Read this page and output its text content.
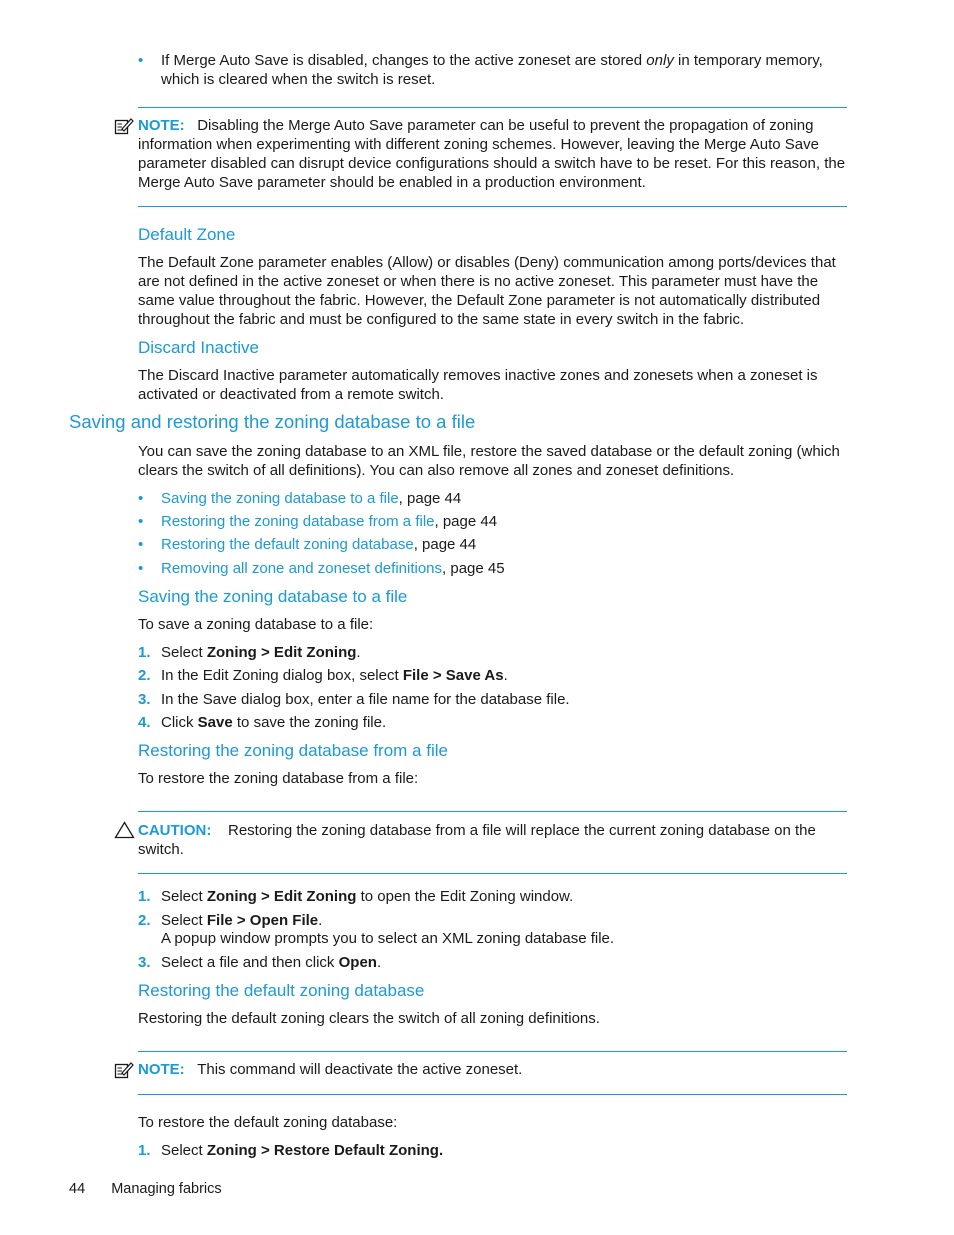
• If Merge Auto Save is disabled, changes to the active zoneset are stored only in temporary memory, which is cleared when the switch is reset.
NOTE: Disabling the Merge Auto Save parameter can be useful to prevent the propagation of zoning information when experimenting with different zoning schemes. However, leaving the Merge Auto Save parameter disabled can disrupt device configurations should a switch have to be reset. For this reason, the Merge Auto Save parameter should be enabled in a production environment.
Default Zone
The Default Zone parameter enables (Allow) or disables (Deny) communication among ports/devices that are not defined in the active zoneset or when there is no active zoneset. This parameter must have the same value throughout the fabric. However, the Default Zone parameter is not automatically distributed throughout the fabric and must be configured to the same state in every switch in the fabric.
Discard Inactive
The Discard Inactive parameter automatically removes inactive zones and zonesets when a zoneset is activated or deactivated from a remote switch.
Saving and restoring the zoning database to a file
You can save the zoning database to an XML file, restore the saved database or the default zoning (which clears the switch of all definitions). You can also remove all zones and zoneset definitions.
• Saving the zoning database to a file, page 44
• Restoring the zoning database from a file, page 44
• Restoring the default zoning database, page 44
• Removing all zone and zoneset definitions, page 45
Saving the zoning database to a file
To save a zoning database to a file:
1. Select Zoning > Edit Zoning.
2. In the Edit Zoning dialog box, select File > Save As.
3. In the Save dialog box, enter a file name for the database file.
4. Click Save to save the zoning file.
Restoring the zoning database from a file
To restore the zoning database from a file:
CAUTION: Restoring the zoning database from a file will replace the current zoning database on the switch.
1. Select Zoning > Edit Zoning to open the Edit Zoning window.
2. Select File > Open File.
A popup window prompts you to select an XML zoning database file.
3. Select a file and then click Open.
Restoring the default zoning database
Restoring the default zoning clears the switch of all zoning definitions.
NOTE: This command will deactivate the active zoneset.
To restore the default zoning database:
1. Select Zoning > Restore Default Zoning.
44 Managing fabrics
